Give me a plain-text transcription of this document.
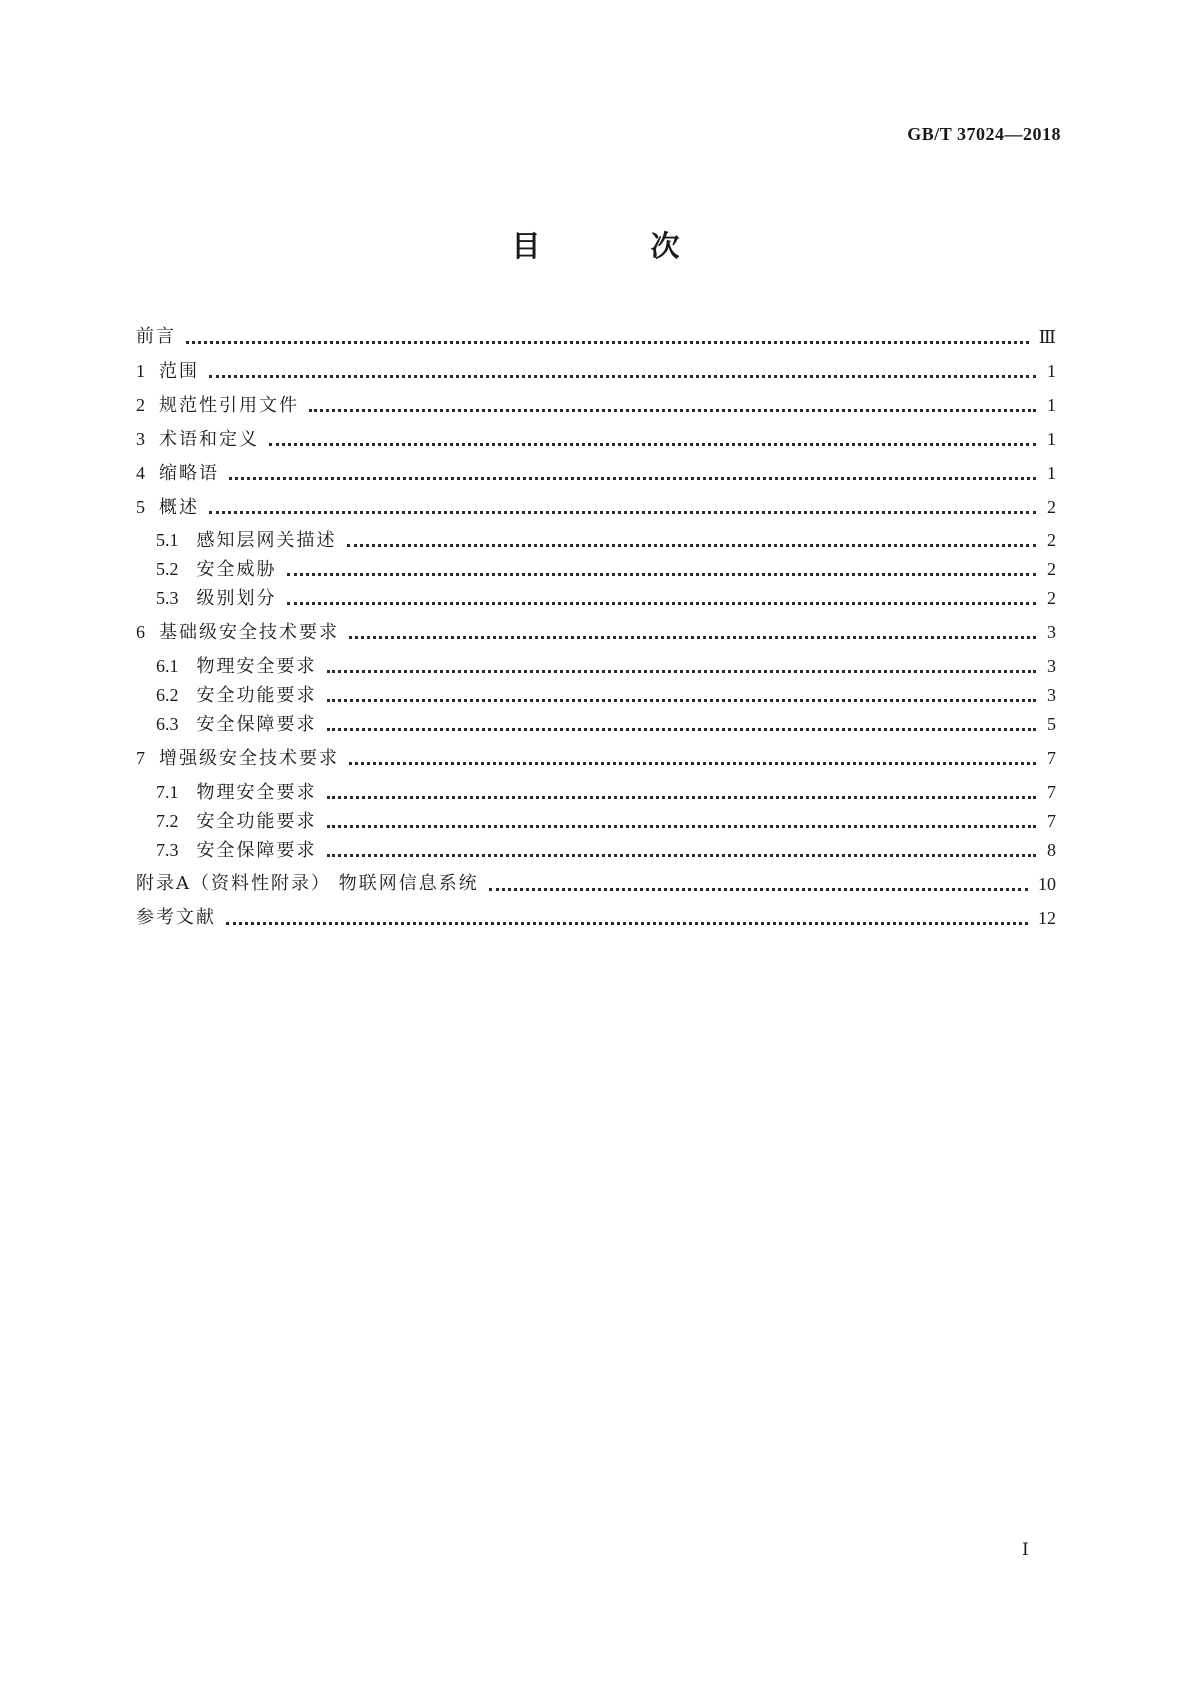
GB/T 37024—2018
目 次
前言	Ⅲ
1 范围	1
2 规范性引用文件	1
3 术语和定义	1
4 缩略语	1
5 概述	2
5.1 感知层网关描述	2
5.2 安全威胁	2
5.3 级别划分	2
6 基础级安全技术要求	3
6.1 物理安全要求	3
6.2 安全功能要求	3
6.3 安全保障要求	5
7 增强级安全技术要求	7
7.1 物理安全要求	7
7.2 安全功能要求	7
7.3 安全保障要求	8
附录A（资料性附录） 物联网信息系统	10
参考文献	12
Ⅰ
